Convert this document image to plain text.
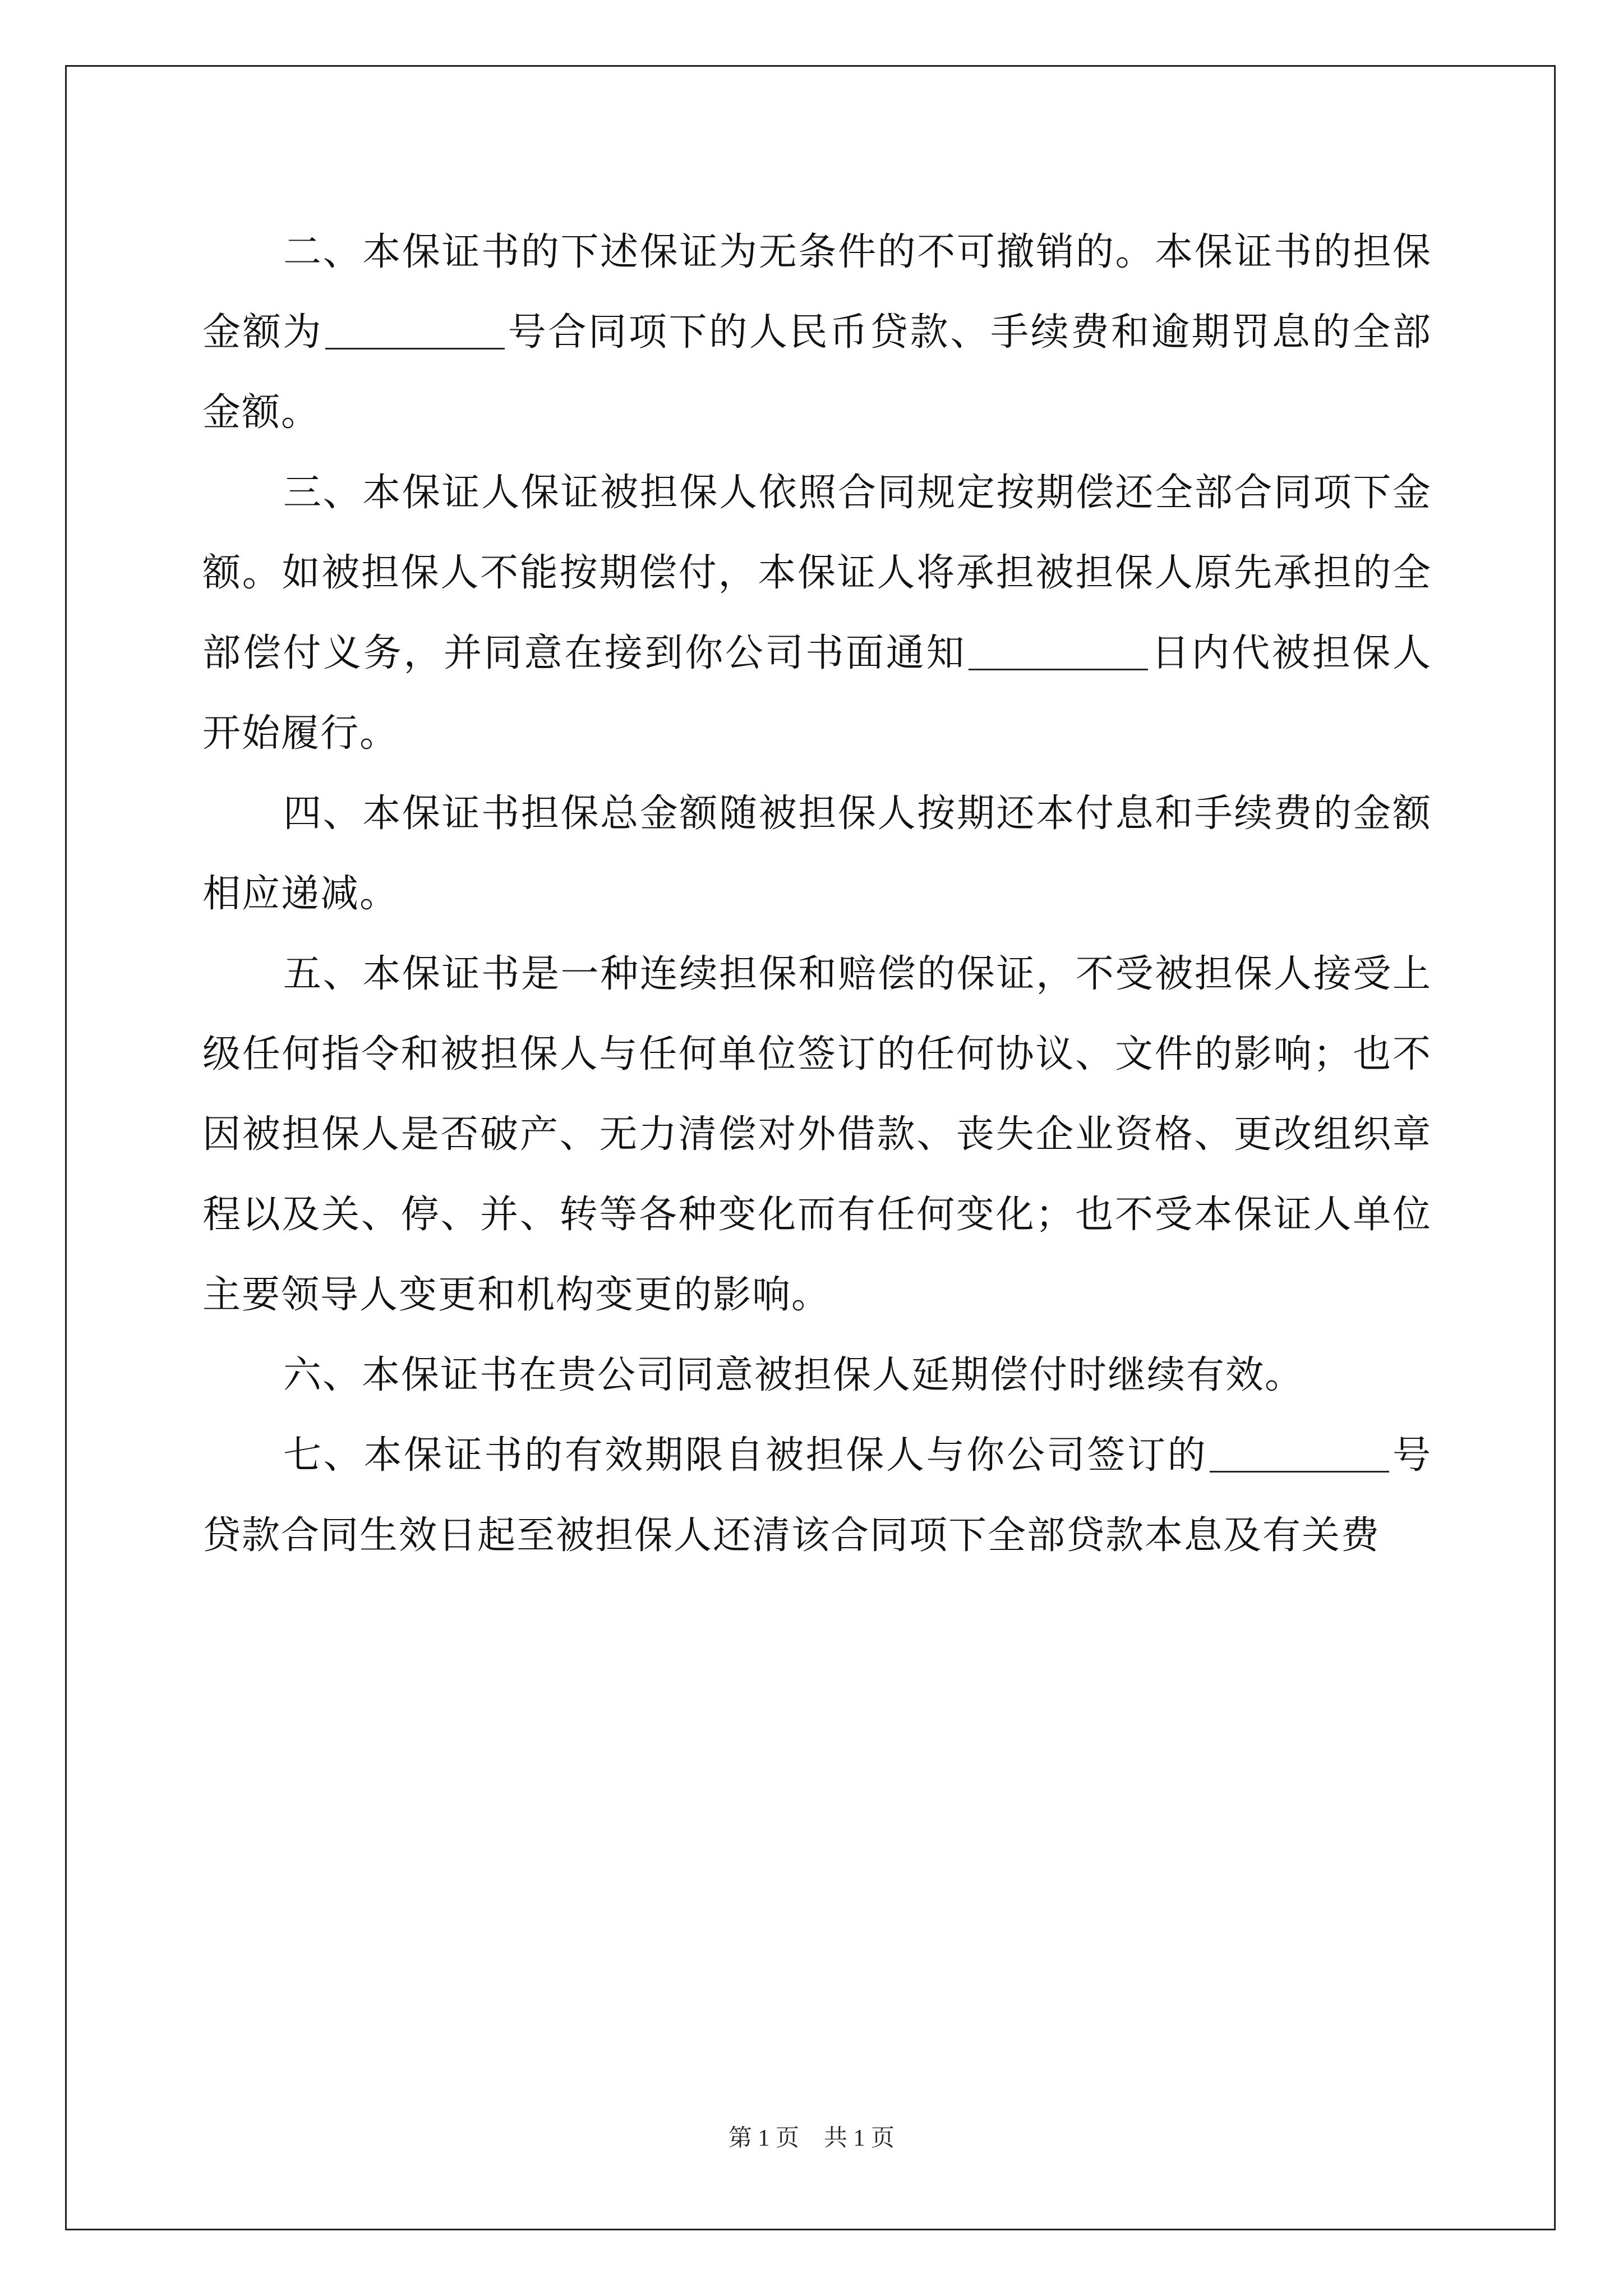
二、本保证书的下述保证为无条件的不可撤销的。本保证书的担保金额为	号合同项下的人民币贷款、手续费和逾期罚息的全部金额。

三、本保证人保证被担保人依照合同规定按期偿还全部合同项下金额。如被担保人不能按期偿付，本保证人将承担被担保人原先承担的全部偿付义务，并同意在接到你公司书面通知	日内代被担保人开始履行。

四、本保证书担保总金额随被担保人按期还本付息和手续费的金额相应递减。

五、本保证书是一种连续担保和赔偿的保证，不受被担保人接受上级任何指令和被担保人与任何单位签订的任何协议、文件的影响；也不因被担保人是否破产、无力清偿对外借款、丧失企业资格、更改组织章程以及关、停、并、转等各种变化而有任何变化；也不受本保证人单位主要领导人变更和机构变更的影响。

六、本保证书在贵公司同意被担保人延期偿付时继续有效。

七、本保证书的有效期限自被担保人与你公司签订的	号贷款合同生效日起至被担保人还清该合同项下全部贷款本息及有关费

第 1 页 共 1 页
